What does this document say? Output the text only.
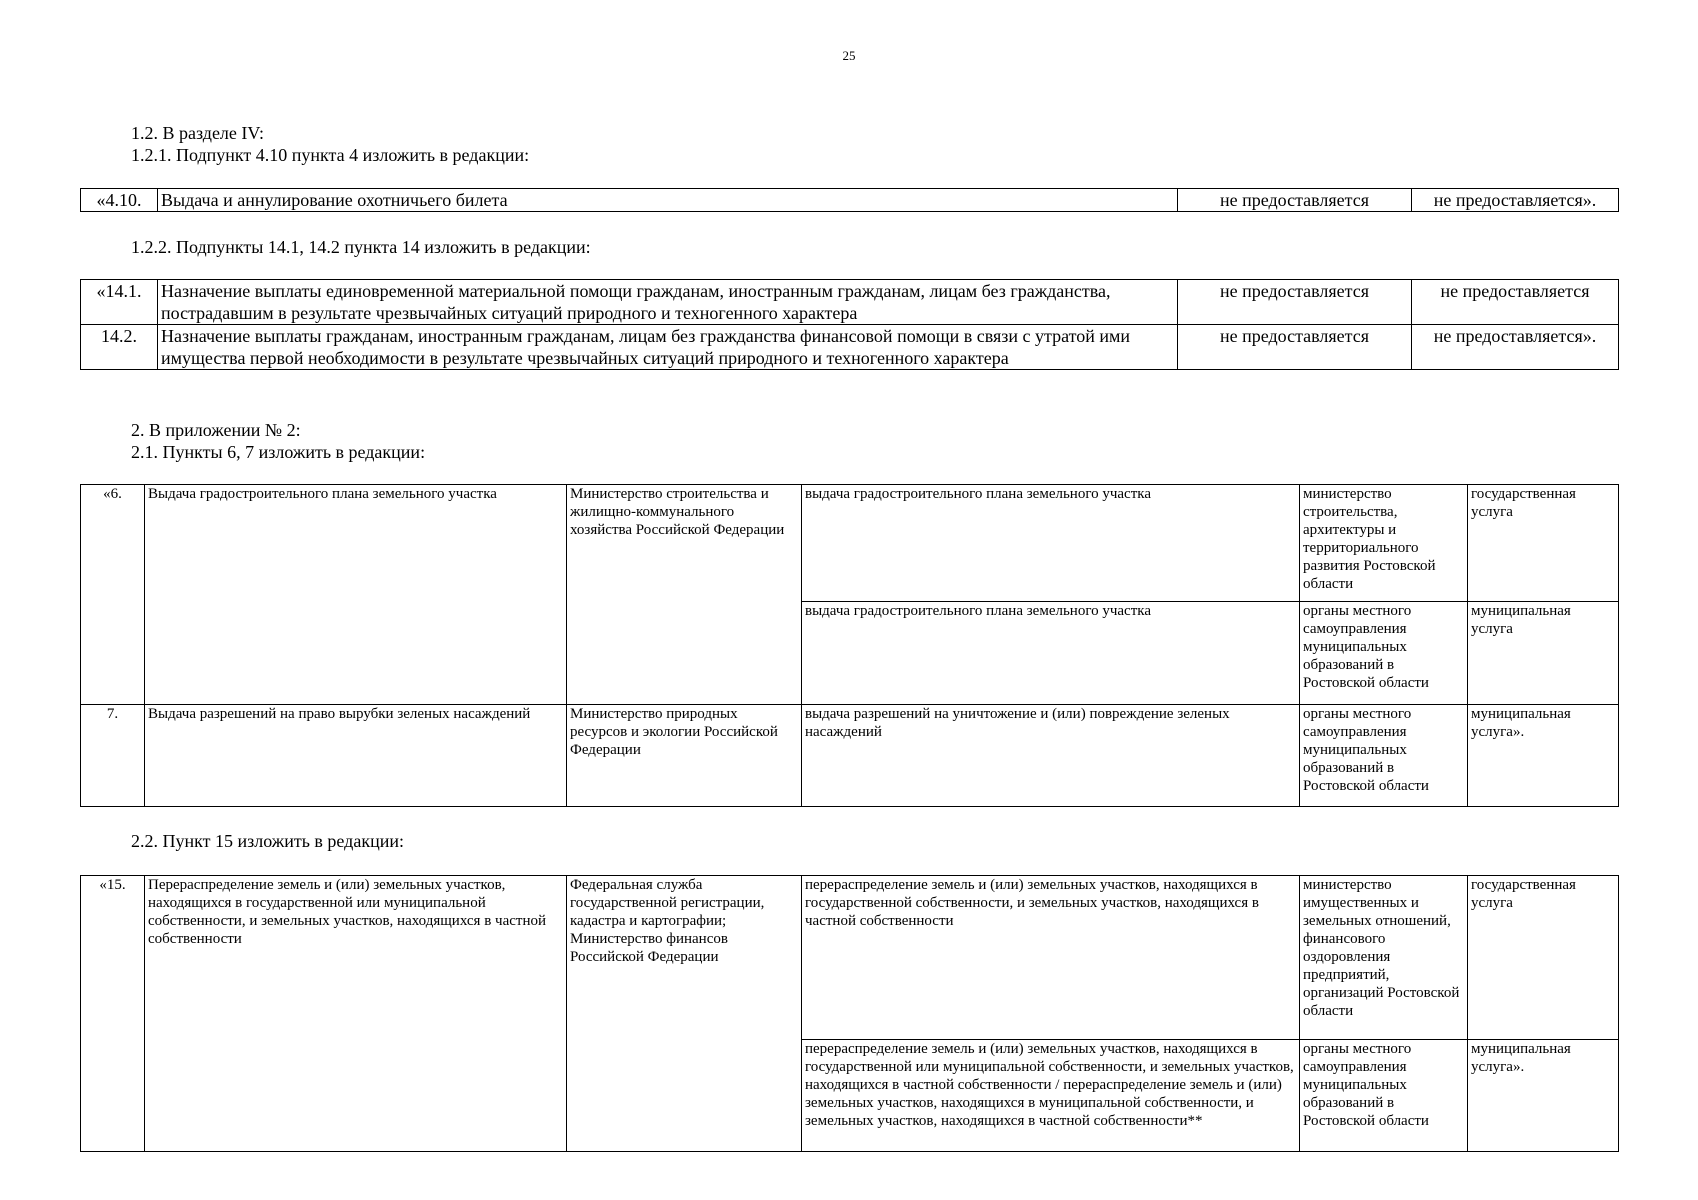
25
1.2. В разделе IV:
1.2.1. Подпункт 4.10 пункта 4 изложить в редакции:
«4.10.	Выдача и аннулирование охотничьего билета	не предоставляется	не предоставляется».
1.2.2. Подпункты 14.1, 14.2 пункта 14 изложить в редакции:
«14.1.	Назначение выплаты единовременной материальной помощи гражданам, иностранным гражданам, лицам без гражданства, пострадавшим в результате чрезвычайных ситуаций природного и техногенного характера	не предоставляется	не предоставляется
14.2.	Назначение выплаты гражданам, иностранным гражданам, лицам без гражданства финансовой помощи в связи с утратой ими имущества первой необходимости в результате чрезвычайных ситуаций природного и техногенного характера	не предоставляется	не предоставляется».
2. В приложении № 2:
2.1. Пункты 6, 7 изложить в редакции:
«6.	Выдача градостроительного плана земельного участка	Министерство строительства и жилищно-коммунального хозяйства Российской Федерации	выдача градостроительного плана земельного участка	министерство строительства, архитектуры и территориального развития Ростовской области	государственная услуга
			выдача градостроительного плана земельного участка	органы местного самоуправления муниципальных образований в Ростовской области	муниципальная услуга
7.	Выдача разрешений на право вырубки зеленых насаждений	Министерство природных ресурсов и экологии Российской Федерации	выдача разрешений на уничтожение и (или) повреждение зеленых насаждений	органы местного самоуправления муниципальных образований в Ростовской области	муниципальная услуга».
2.2. Пункт 15 изложить в редакции:
«15.	Перераспределение земель и (или) земельных участков, находящихся в государственной или муниципальной собственности, и земельных участков, находящихся в частной собственности	Федеральная служба государственной регистрации, кадастра и картографии; Министерство финансов Российской Федерации	перераспределение земель и (или) земельных участков, находящихся в государственной собственности, и земельных участков, находящихся в частной собственности	министерство имущественных и земельных отношений, финансового оздоровления предприятий, организаций Ростовской области	государственная услуга
			перераспределение земель и (или) земельных участков, находящихся в государственной или муниципальной собственности, и земельных участков, находящихся в частной собственности / перераспределение земель и (или) земельных участков, находящихся в муниципальной собственности, и земельных участков, находящихся в частной собственности**	органы местного самоуправления муниципальных образований в Ростовской области	муниципальная услуга».
